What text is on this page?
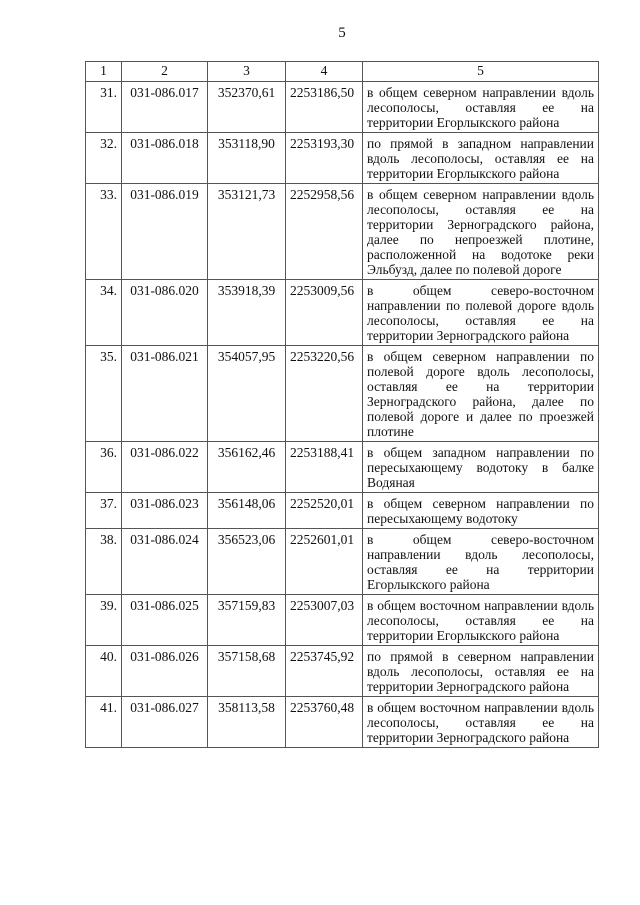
5
1	2	3	4	5
31.	031-086.017	352370,61	2253186,50	в общем северном направлении вдоль лесополосы, оставляя ее на территории Егорлыкского района
32.	031-086.018	353118,90	2253193,30	по прямой в западном направлении вдоль лесополосы, оставляя ее на территории Егорлыкского района
33.	031-086.019	353121,73	2252958,56	в общем северном направлении вдоль лесополосы, оставляя ее на территории Зерноградского района, далее по непроезжей плотине, расположенной на водотоке реки Эльбузд, далее по полевой дороге
34.	031-086.020	353918,39	2253009,56	в общем северо-восточном направлении по полевой дороге вдоль лесополосы, оставляя ее на территории Зерноградского района
35.	031-086.021	354057,95	2253220,56	в общем северном направлении по полевой дороге вдоль лесополосы, оставляя ее на территории Зерноградского района, далее по полевой дороге и далее по проезжей плотине
36.	031-086.022	356162,46	2253188,41	в общем западном направлении по пересыхающему водотоку в балке Водяная
37.	031-086.023	356148,06	2252520,01	в общем северном направлении по пересыхающему водотоку
38.	031-086.024	356523,06	2252601,01	в общем северо-восточном направлении вдоль лесополосы, оставляя ее на территории Егорлыкского района
39.	031-086.025	357159,83	2253007,03	в общем восточном направлении вдоль лесополосы, оставляя ее на территории Егорлыкского района
40.	031-086.026	357158,68	2253745,92	по прямой в северном направлении вдоль лесополосы, оставляя ее на территории Зерноградского района
41.	031-086.027	358113,58	2253760,48	в общем восточном направлении вдоль лесополосы, оставляя ее на территории Зерноградского района
